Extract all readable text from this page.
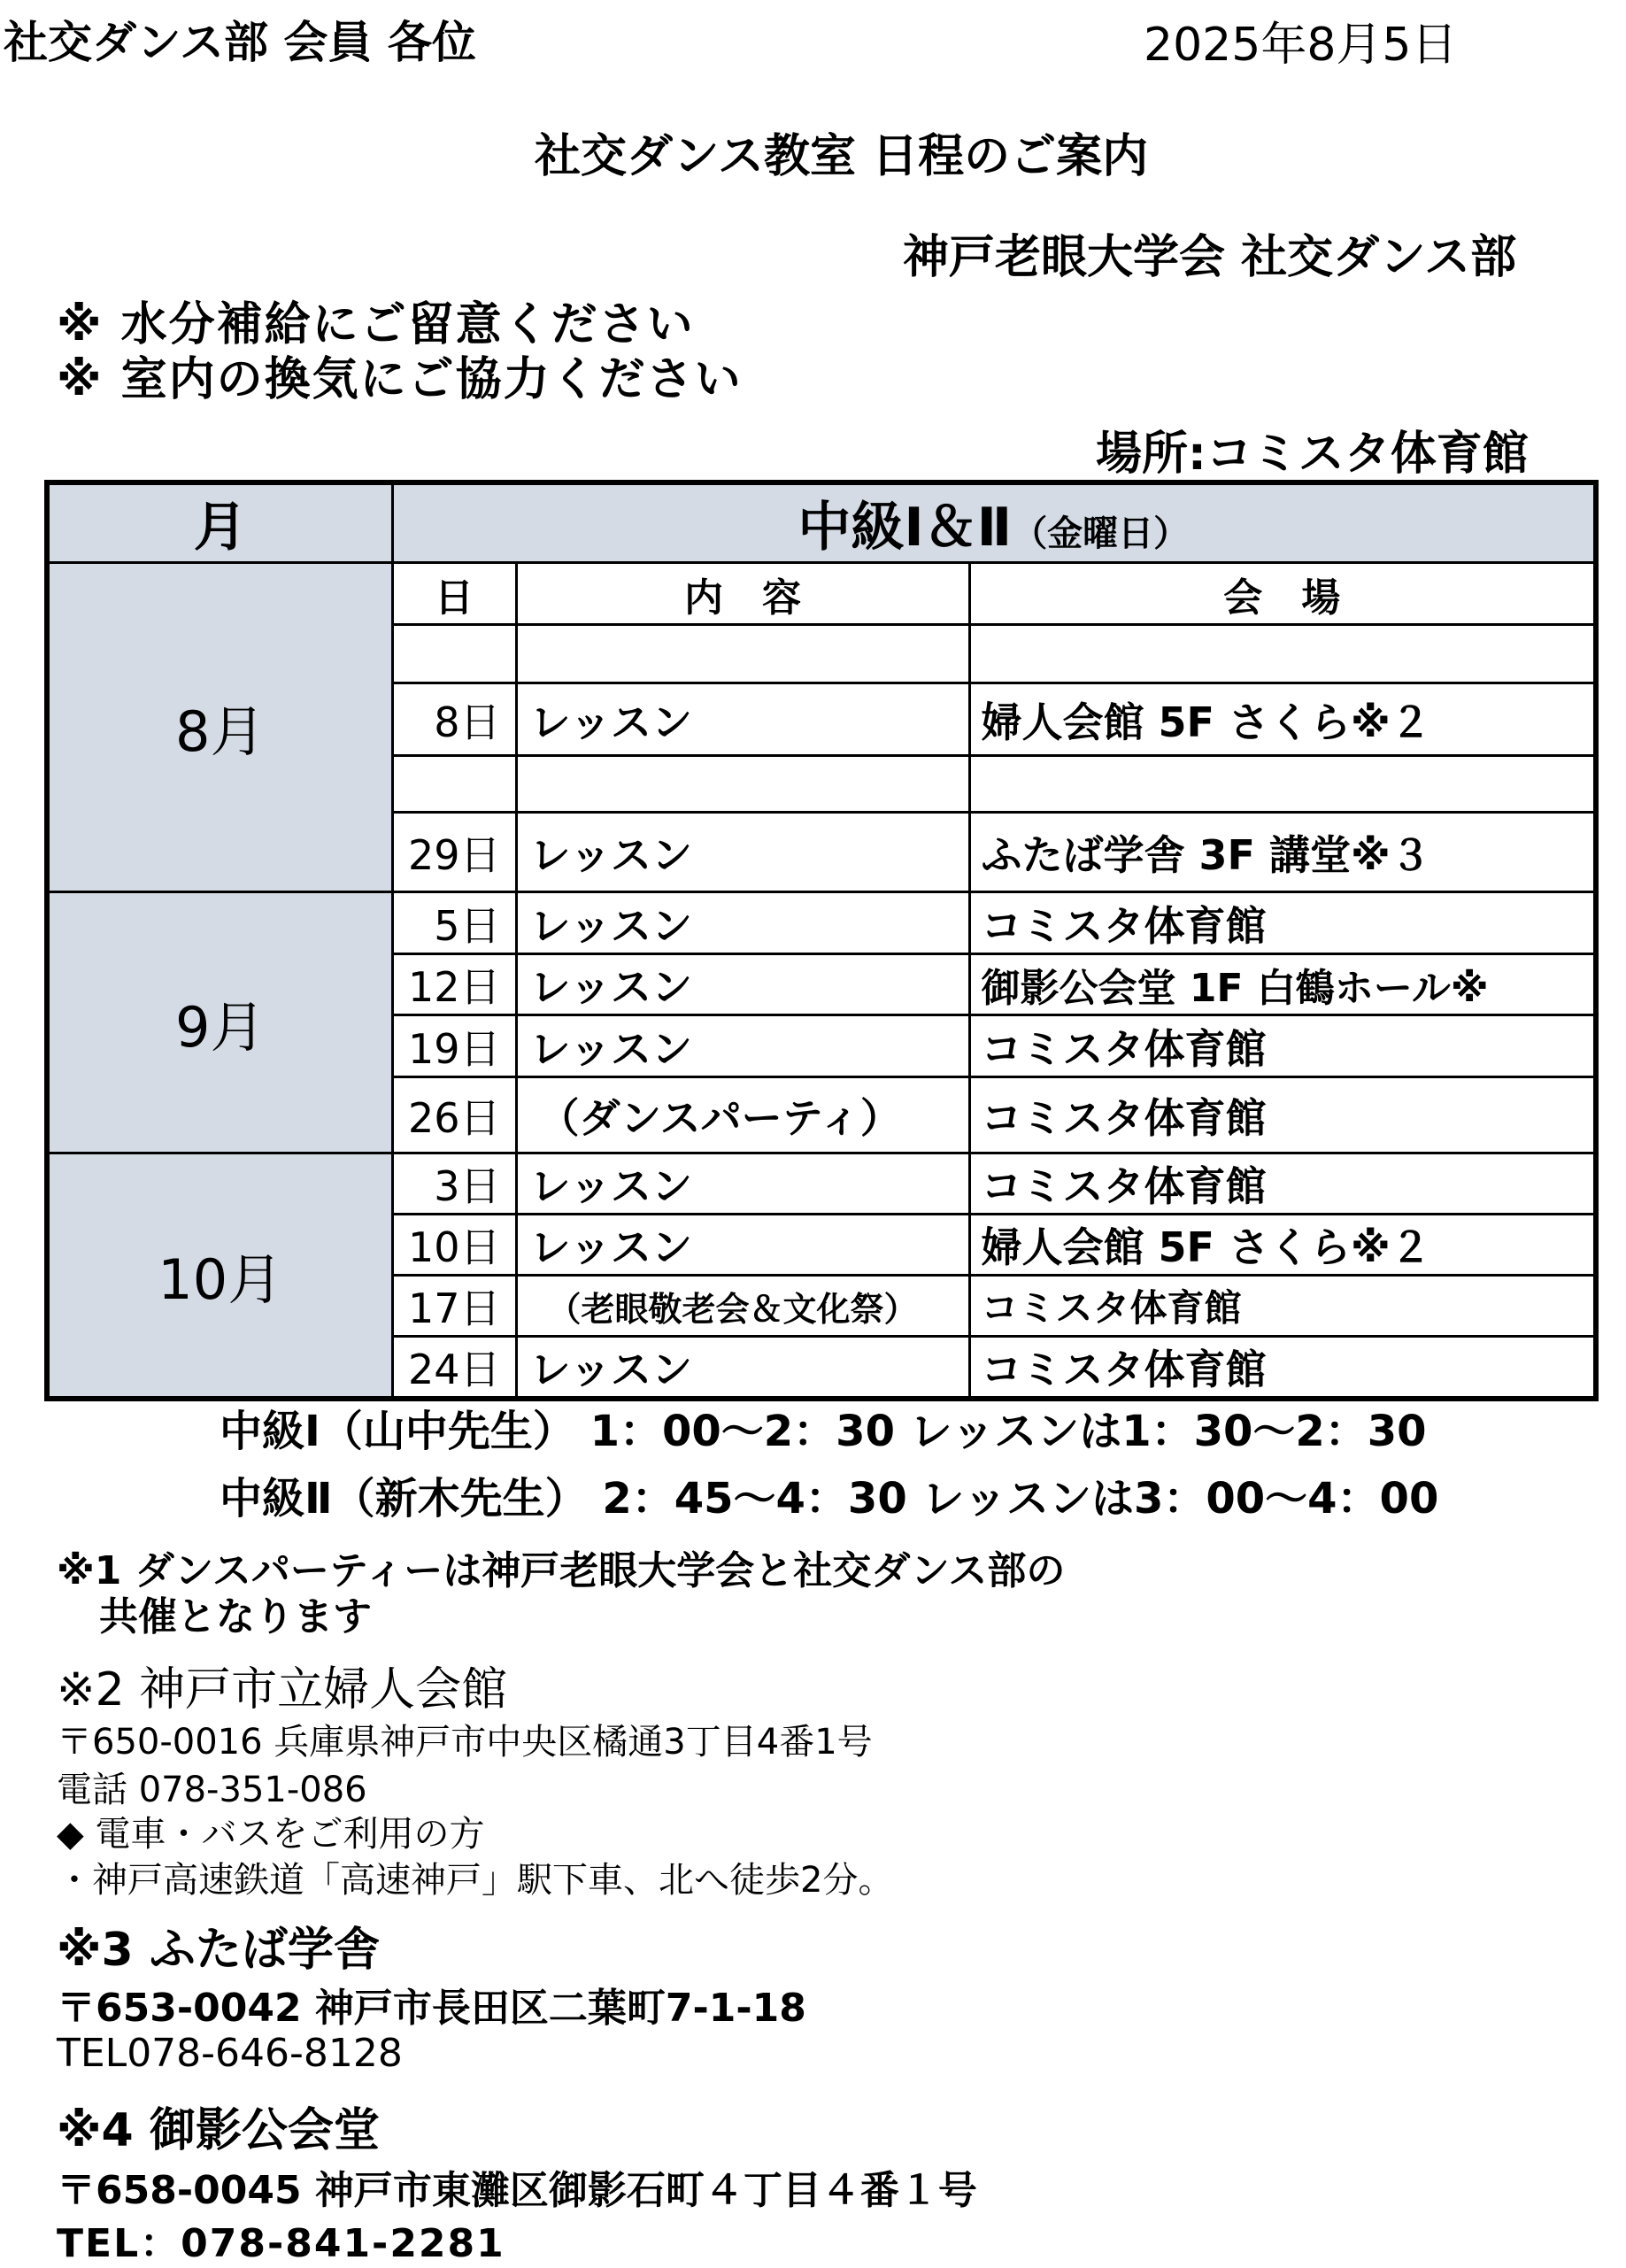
社交ダンス部 会員 各位	2025年8月5日
社交ダンス教室 日程のご案内
神戸老眼大学会 社交ダンス部
※ 水分補給にご留意ください
※ 室内の換気にご協力ください
場所:コミスタ体育館
月	中級Ⅰ＆Ⅱ（金曜日）		
8月	日	内　容	会　場

	8日	レッスン	婦人会館 5F さくら※２

	29日	レッスン	ふたば学舎 3F 講堂※３
9月	5日	レッスン	コミスタ体育館
	12日	レッスン	御影公会堂 1F 白鶴ホール※
	19日	レッスン	コミスタ体育館
	26日	（ダンスパーティ）	コミスタ体育館
10月	3日	レッスン	コミスタ体育館
	10日	レッスン	婦人会館 5F さくら※２
	17日	（老眼敬老会＆文化祭）	コミスタ体育館
	24日	レッスン	コミスタ体育館
中級Ⅰ（山中先生） 1：00～2：30 レッスンは1：30～2：30
中級Ⅱ（新木先生） 2：45～4：30 レッスンは3：00～4：00
※1 ダンスパーティーは神戸老眼大学会と社交ダンス部の
共催となります
※2 神戸市立婦人会館
〒650-0016 兵庫県神戸市中央区橘通3丁目4番1号
電話 078-351-086
◆ 電車・バスをご利用の方
・神戸高速鉄道「高速神戸」駅下車、北へ徒歩2分。
※3 ふたば学舎
〒653-0042 神戸市長田区二葉町7-1-18
TEL078-646-8128
※4 御影公会堂
〒658-0045 神戸市東灘区御影石町４丁目４番１号
TEL：078-841-2281
